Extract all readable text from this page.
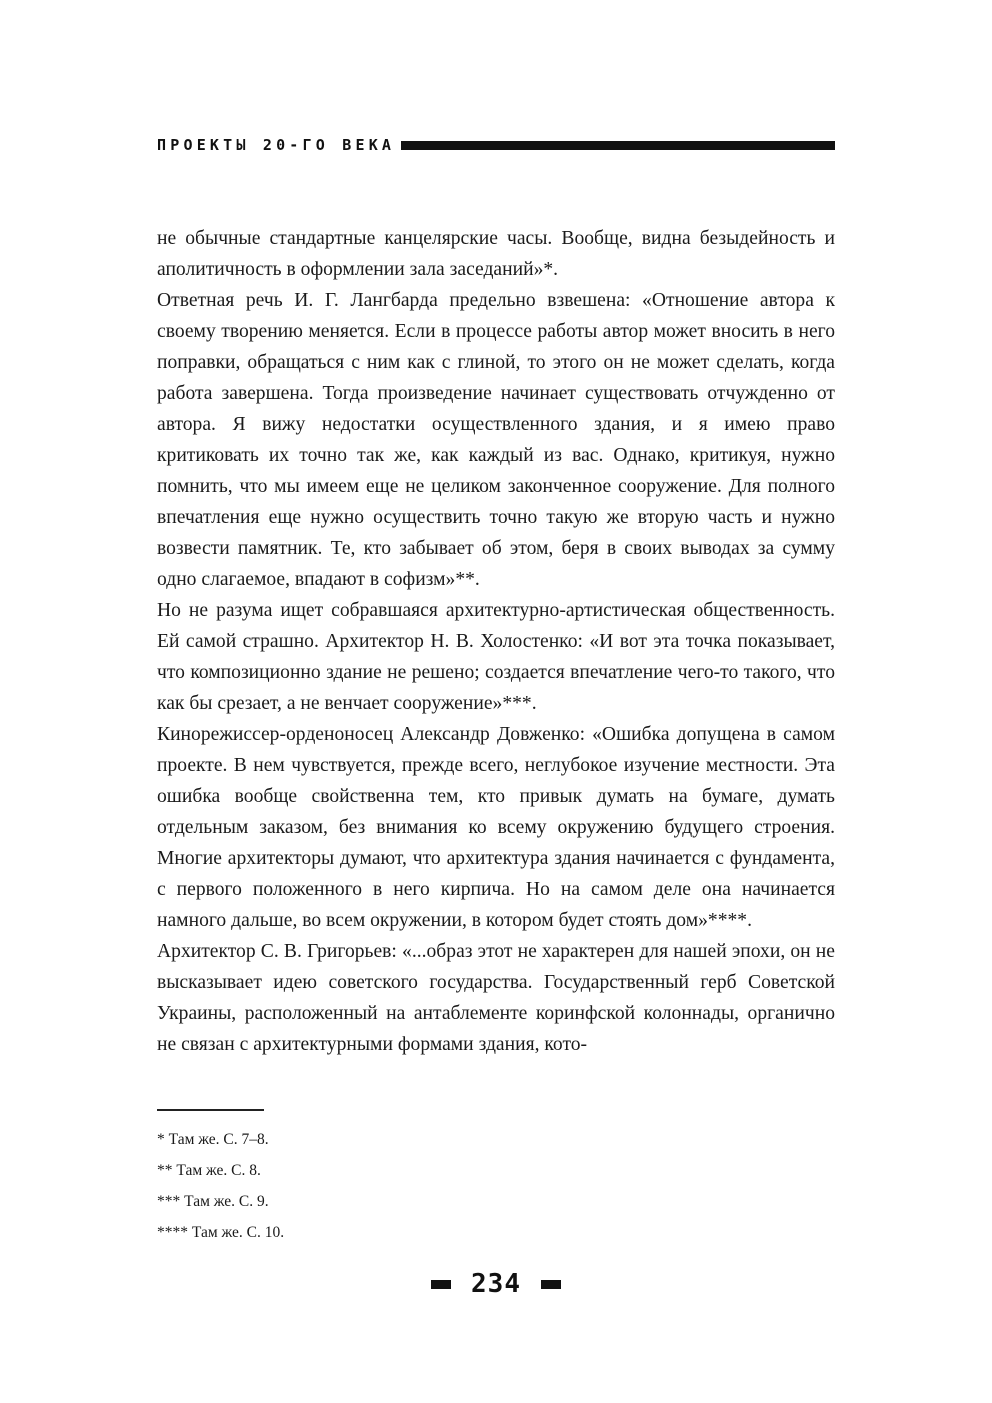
ПРОЕКТЫ 20-ГО ВЕКА

не обычные стандартные канцелярские часы. Вообще, видна безыдейность и аполитичность в оформлении зала заседаний»*.

Ответная речь И. Г. Лангбарда предельно взвешена: «Отношение автора к своему творению меняется. Если в процессе работы автор может вносить в него поправки, обращаться с ним как с глиной, то этого он не может сделать, когда работа завершена. Тогда произведение начинает существовать отчужденно от автора. Я вижу недостатки осуществленного здания, и я имею право критиковать их точно так же, как каждый из вас. Однако, критикуя, нужно помнить, что мы имеем еще не целиком законченное сооружение. Для полного впечатления еще нужно осуществить точно такую же вторую часть и нужно возвести памятник. Те, кто забывает об этом, беря в своих выводах за сумму одно слагаемое, впадают в софизм»**.

Но не разума ищет собравшаяся архитектурно-артистическая общественность. Ей самой страшно. Архитектор Н. В. Холостенко: «И вот эта точка показывает, что композиционно здание не решено; создается впечатление чего-то такого, что как бы срезает, а не венчает сооружение»***.

Кинорежиссер-орденоносец Александр Довженко: «Ошибка допущена в самом проекте. В нем чувствуется, прежде всего, неглубокое изучение местности. Эта ошибка вообще свойственна тем, кто привык думать на бумаге, думать отдельным заказом, без внимания ко всему окружению будущего строения. Многие архитекторы думают, что архитектура здания начинается с фундамента, с первого положенного в него кирпича. Но на самом деле она начинается намного дальше, во всем окружении, в котором будет стоять дом»****.

Архитектор С. В. Григорьев: «...образ этот не характерен для нашей эпохи, он не высказывает идею советского государства. Государственный герб Советской Украины, расположенный на антаблементе коринфской колоннады, органично не связан с архитектурными формами здания, кото-

* Там же. С. 7–8.
** Там же. С. 8.
*** Там же. С. 9.
**** Там же. С. 10.
234
